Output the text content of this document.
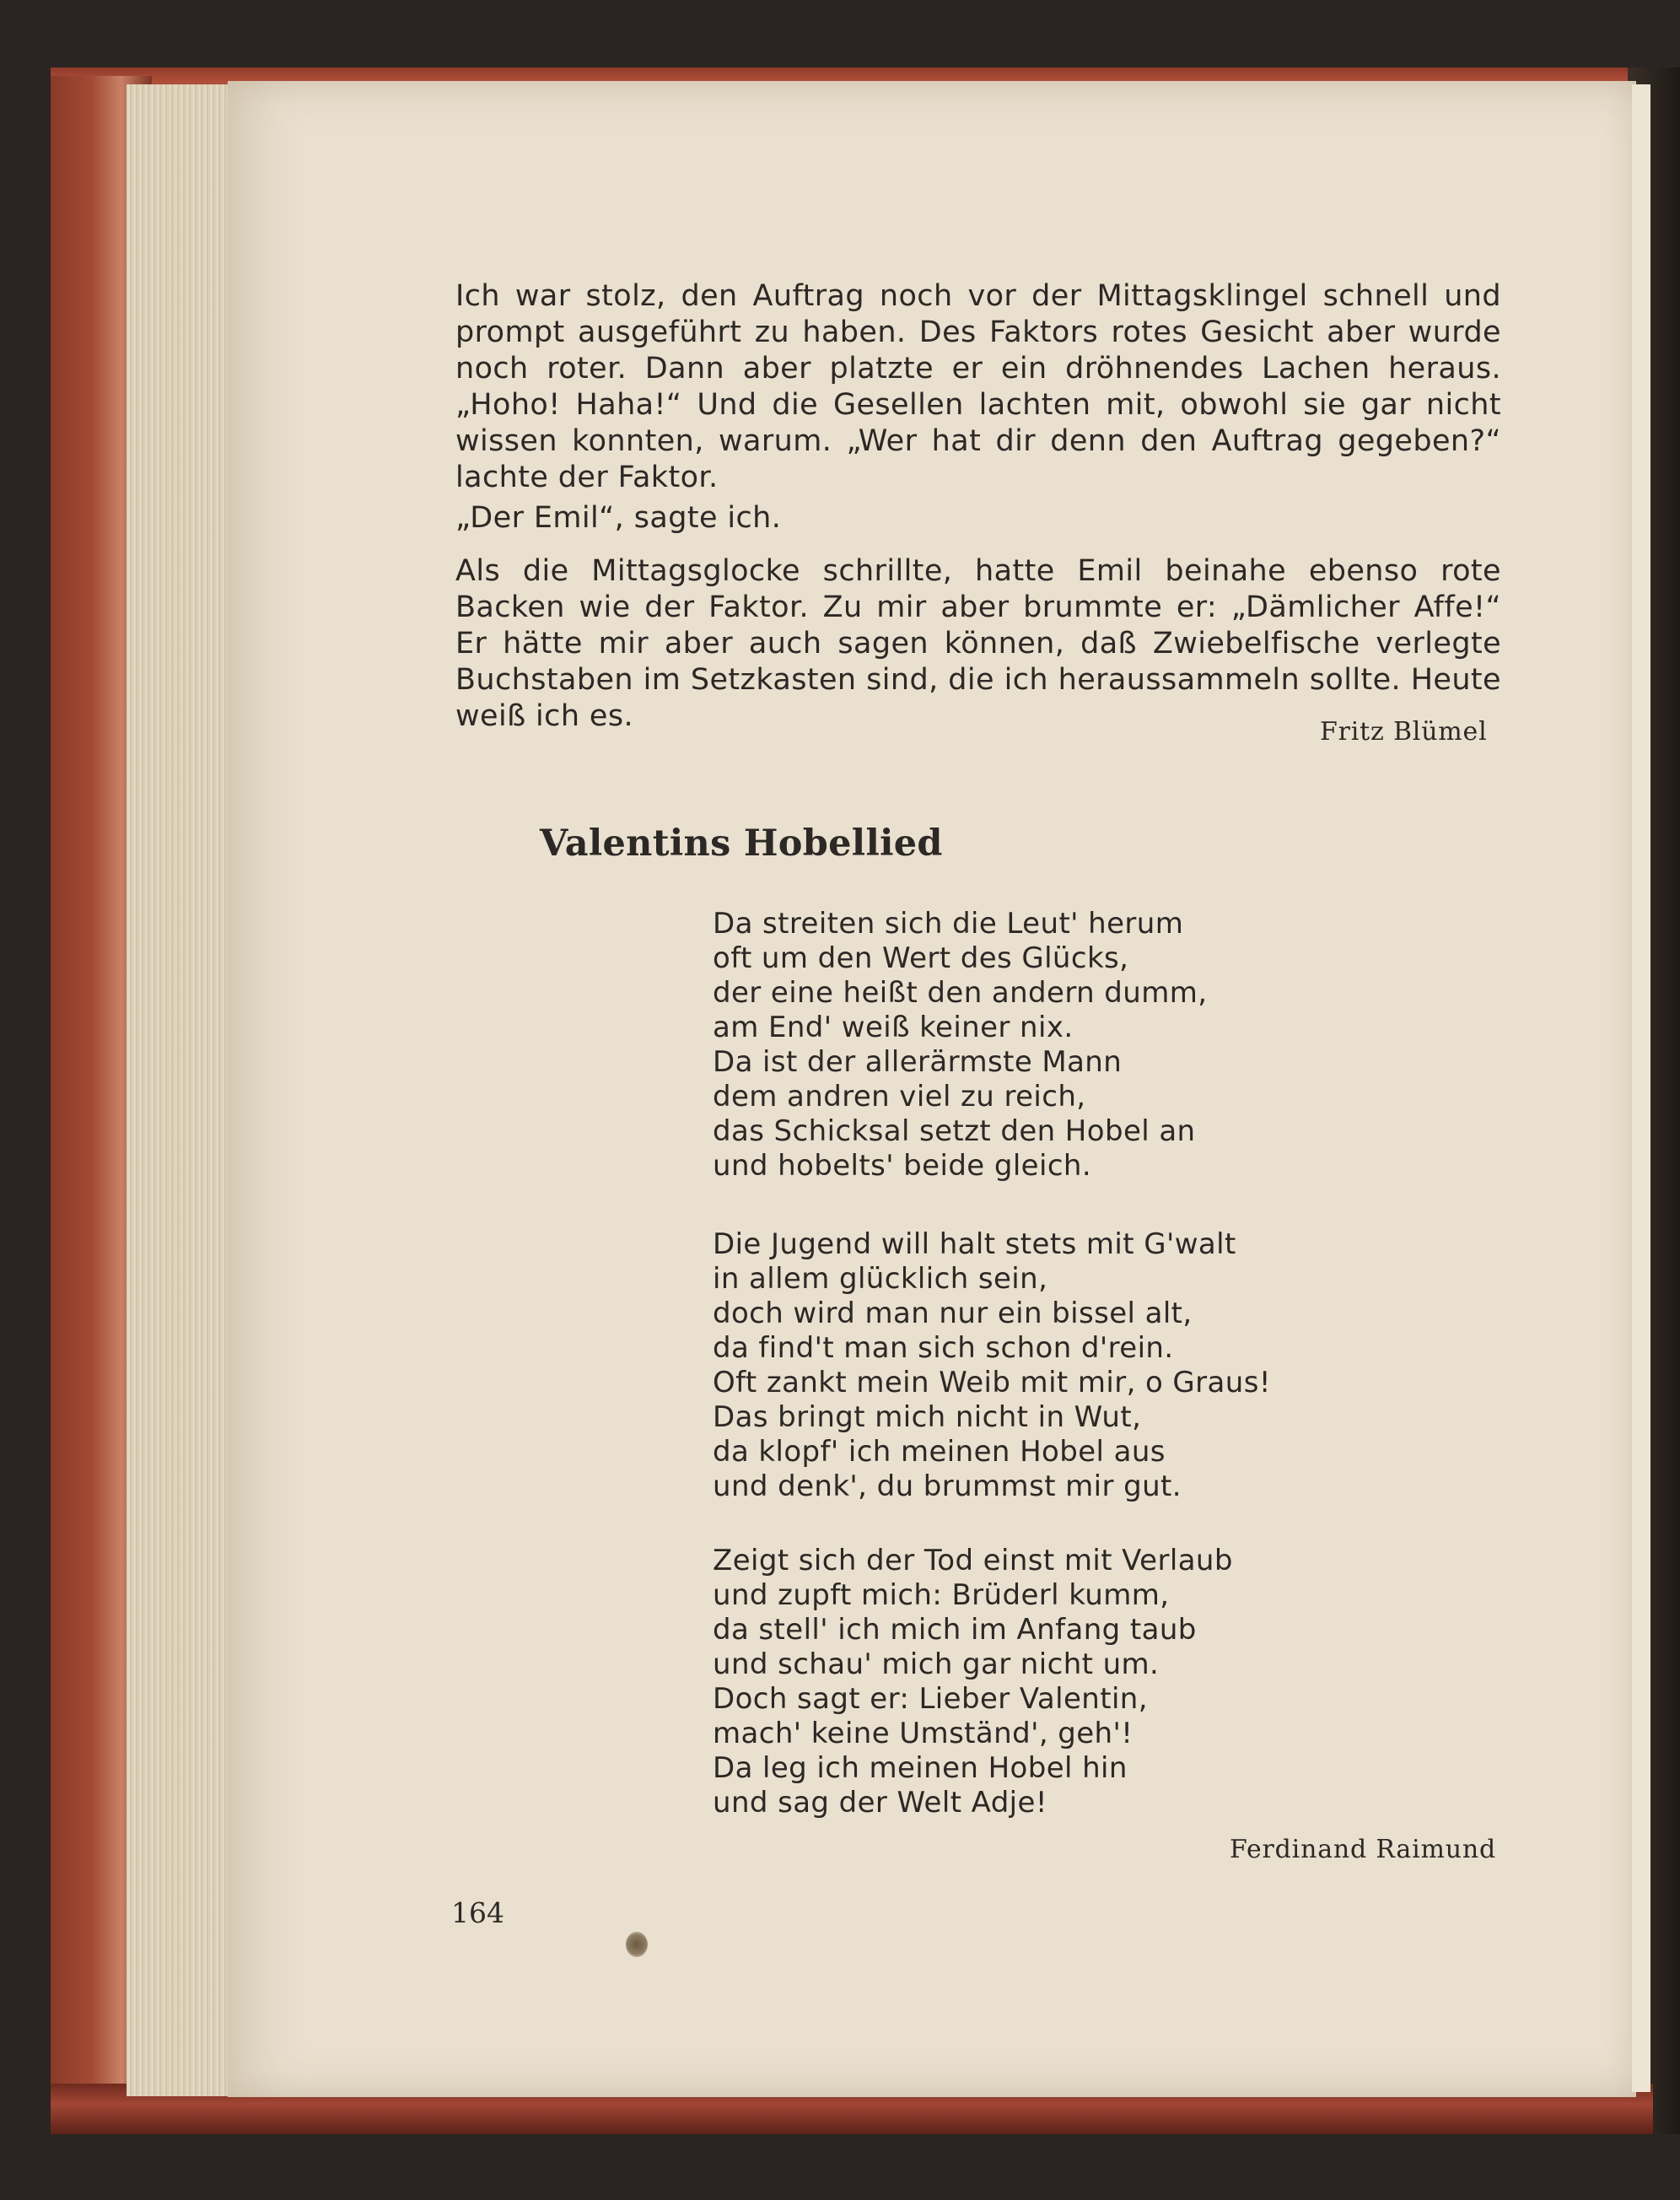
Ich war stolz, den Auftrag noch vor der Mittagsklingel schnell und
prompt ausgeführt zu haben. Des Faktors rotes Gesicht aber wurde
noch roter. Dann aber platzte er ein dröhnendes Lachen heraus.
„Hoho! Haha!“ Und die Gesellen lachten mit, obwohl sie gar nicht
wissen konnten, warum. „Wer hat dir denn den Auftrag gegeben?“
lachte der Faktor.
„Der Emil“, sagte ich.
Als die Mittagsglocke schrillte, hatte Emil beinahe ebenso rote
Backen wie der Faktor. Zu mir aber brummte er: „Dämlicher Affe!“
Er hätte mir aber auch sagen können, daß Zwiebelfische verlegte
Buchstaben im Setzkasten sind, die ich heraussammeln sollte. Heute
weiß ich es.	Fritz Blümel
Valentins Hobellied
Da streiten sich die Leut' herum
oft um den Wert des Glücks,
der eine heißt den andern dumm,
am End' weiß keiner nix.
Da ist der allerärmste Mann
dem andren viel zu reich,
das Schicksal setzt den Hobel an
und hobelts' beide gleich.
Die Jugend will halt stets mit G'walt
in allem glücklich sein,
doch wird man nur ein bissel alt,
da find't man sich schon d'rein.
Oft zankt mein Weib mit mir, o Graus!
Das bringt mich nicht in Wut,
da klopf' ich meinen Hobel aus
und denk', du brummst mir gut.
Zeigt sich der Tod einst mit Verlaub
und zupft mich: Brüderl kumm,
da stell' ich mich im Anfang taub
und schau' mich gar nicht um.
Doch sagt er: Lieber Valentin,
mach' keine Umständ', geh'!
Da leg ich meinen Hobel hin
und sag der Welt Adje!
Ferdinand Raimund
164
